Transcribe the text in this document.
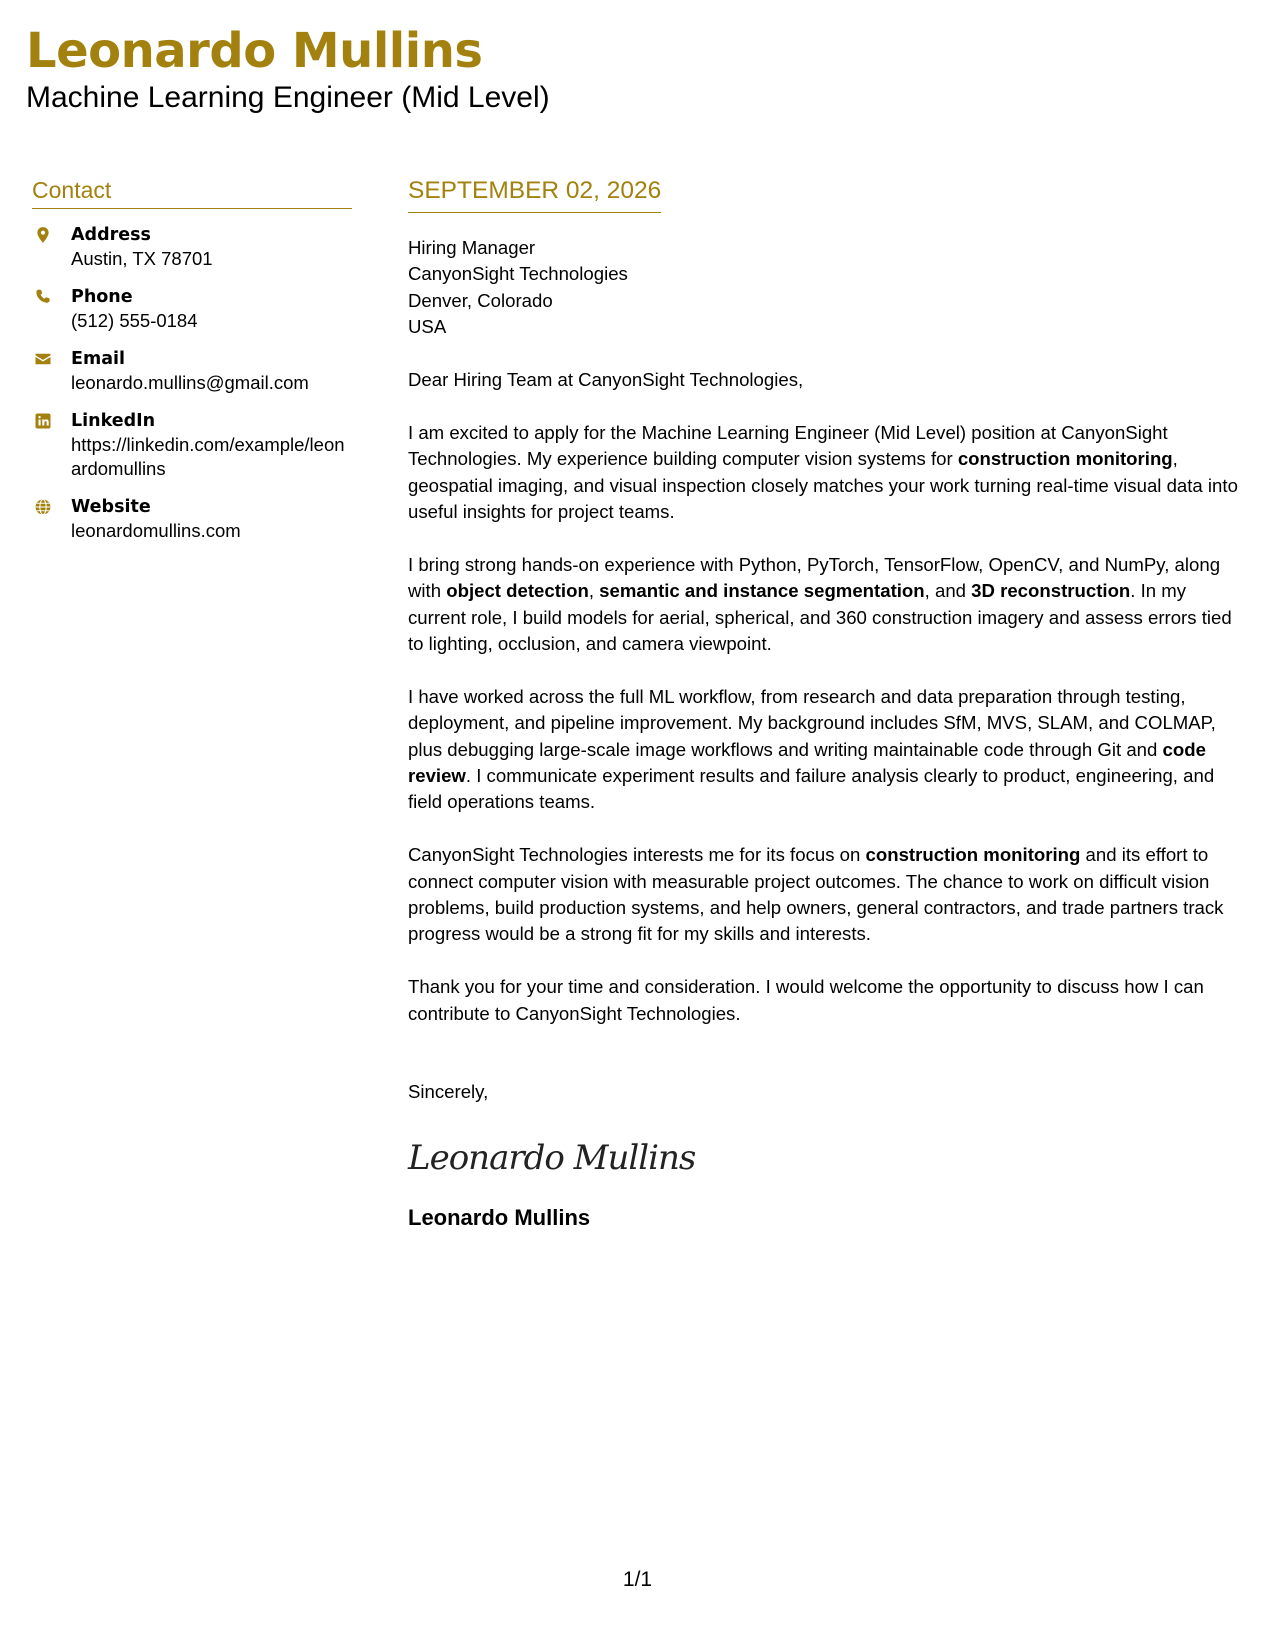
Leonardo Mullins
Machine Learning Engineer (Mid Level)
Contact
Address
Austin, TX 78701
Phone
(512) 555-0184
Email
leonardo.mullins@gmail.com
LinkedIn
https://linkedin.com/example/leonardomullins
Website
leonardomullins.com
SEPTEMBER 02, 2026
Hiring Manager
CanyonSight Technologies
Denver, Colorado
USA
Dear Hiring Team at CanyonSight Technologies,
I am excited to apply for the Machine Learning Engineer (Mid Level) position at CanyonSight Technologies. My experience building computer vision systems for construction monitoring, geospatial imaging, and visual inspection closely matches your work turning real-time visual data into useful insights for project teams.
I bring strong hands-on experience with Python, PyTorch, TensorFlow, OpenCV, and NumPy, along with object detection, semantic and instance segmentation, and 3D reconstruction. In my current role, I build models for aerial, spherical, and 360 construction imagery and assess errors tied to lighting, occlusion, and camera viewpoint.
I have worked across the full ML workflow, from research and data preparation through testing, deployment, and pipeline improvement. My background includes SfM, MVS, SLAM, and COLMAP, plus debugging large-scale image workflows and writing maintainable code through Git and code review. I communicate experiment results and failure analysis clearly to product, engineering, and field operations teams.
CanyonSight Technologies interests me for its focus on construction monitoring and its effort to connect computer vision with measurable project outcomes. The chance to work on difficult vision problems, build production systems, and help owners, general contractors, and trade partners track progress would be a strong fit for my skills and interests.
Thank you for your time and consideration. I would welcome the opportunity to discuss how I can contribute to CanyonSight Technologies.
Sincerely,
Leonardo Mullins
Leonardo Mullins
1/1
